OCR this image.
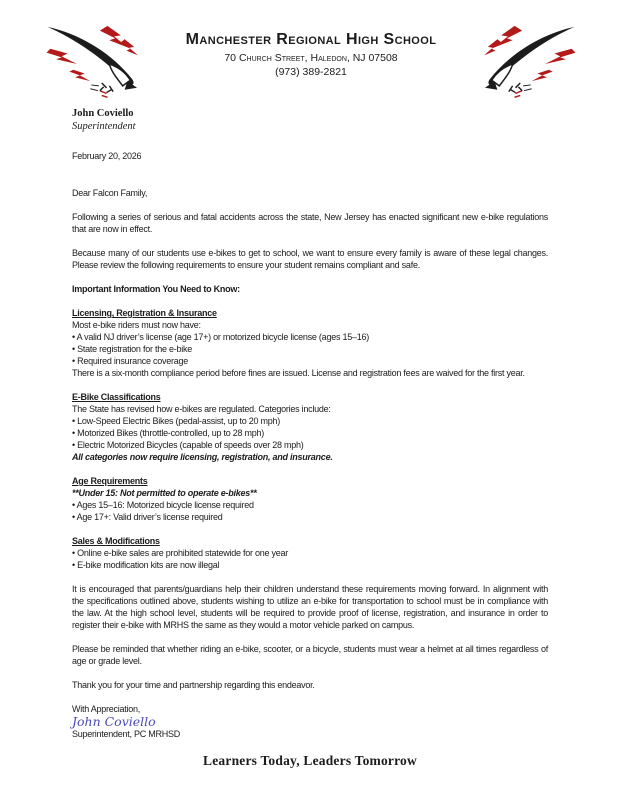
Manchester Regional High School
70 Church Street, Haledon, NJ 07508
(973) 389-2821
John Coviello
Superintendent
February 20, 2026
Dear Falcon Family,

Following a series of serious and fatal accidents across the state, New Jersey has enacted significant new e-bike regulations that are now in effect.

Because many of our students use e-bikes to get to school, we want to ensure every family is aware of these legal changes. Please review the following requirements to ensure your student remains compliant and safe.

Important Information You Need to Know:
Licensing, Registration & Insurance
Most e-bike riders must now have:
• A valid NJ driver’s license (age 17+) or motorized bicycle license (ages 15–16)
• State registration for the e-bike
• Required insurance coverage
There is a six-month compliance period before fines are issued. License and registration fees are waived for the first year.
E-Bike Classifications
The State has revised how e-bikes are regulated. Categories include:
• Low-Speed Electric Bikes (pedal-assist, up to 20 mph)
• Motorized Bikes (throttle-controlled, up to 28 mph)
• Electric Motorized Bicycles (capable of speeds over 28 mph)
All categories now require licensing, registration, and insurance.
Age Requirements
**Under 15: Not permitted to operate e-bikes**
• Ages 15–16: Motorized bicycle license required
• Age 17+: Valid driver’s license required
Sales & Modifications
• Online e-bike sales are prohibited statewide for one year
• E-bike modification kits are now illegal

It is encouraged that parents/guardians help their children understand these requirements moving forward. In alignment with the specifications outlined above, students wishing to utilize an e-bike for transportation to school must be in compliance with the law. At the high school level, students will be required to provide proof of license, registration, and insurance in order to register their e-bike with MRHS the same as they would a motor vehicle parked on campus.

Please be reminded that whether riding an e-bike, scooter, or a bicycle, students must wear a helmet at all times regardless of age or grade level.

Thank you for your time and partnership regarding this endeavor.

With Appreciation,
John Coviello
Superintendent, PC MRHSD
Learners Today, Leaders Tomorrow
